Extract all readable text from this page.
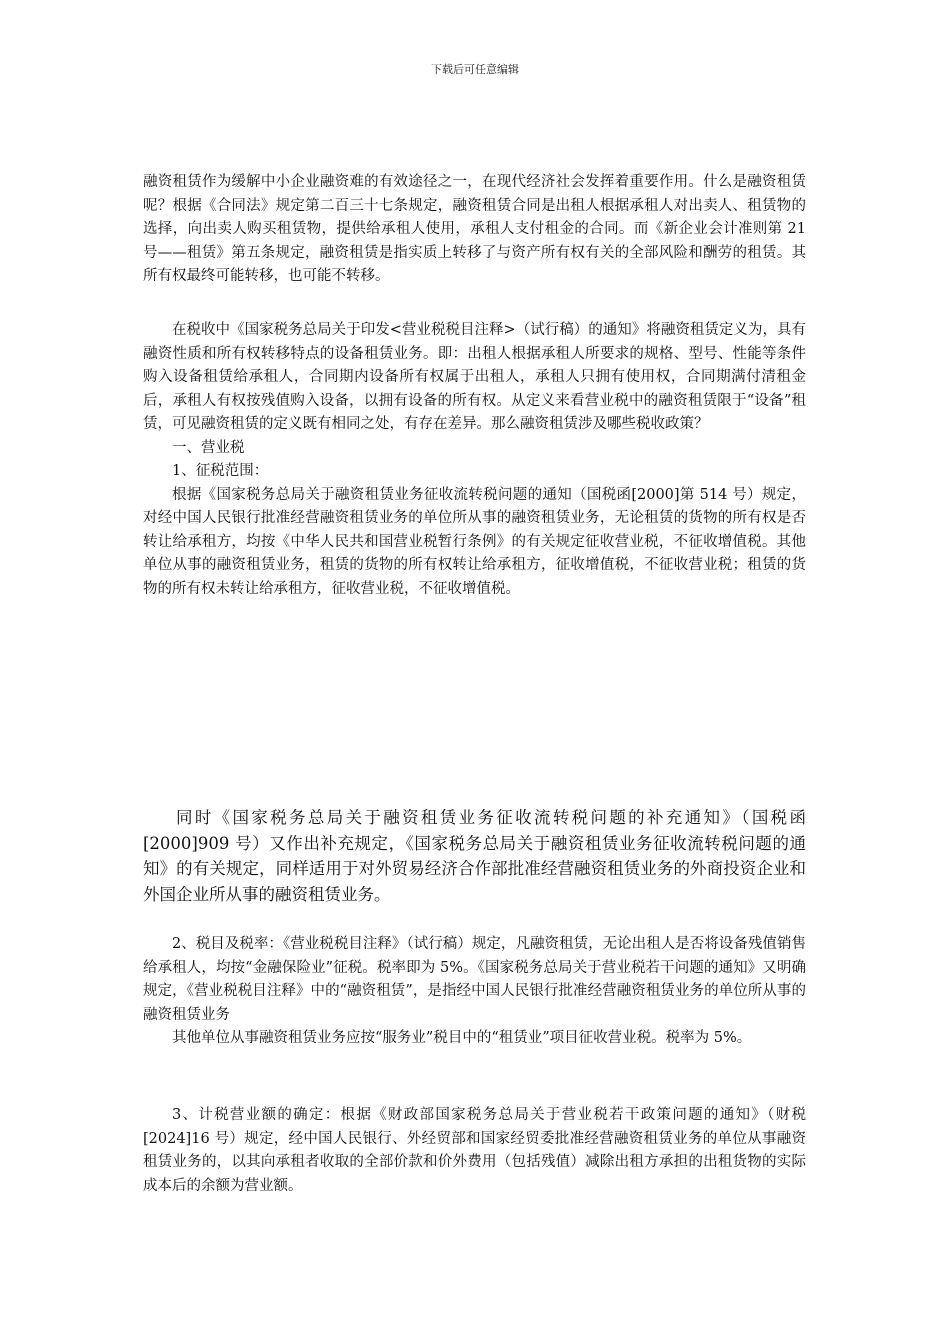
下载后可任意编辑

融资租赁作为缓解中小企业融资难的有效途径之一，在现代经济社会发挥着重要作用。什么是融资租赁呢？根据《合同法》规定第二百三十七条规定，融资租赁合同是出租人根据承租人对出卖人、租赁物的选择，向出卖人购买租赁物，提供给承租人使用，承租人支付租金的合同。而《新企业会计准则第 21 号——租赁》第五条规定，融资租赁是指实质上转移了与资产所有权有关的全部风险和酬劳的租赁。其所有权最终可能转移，也可能不转移。

在税收中《国家税务总局关于印发<营业税税目注释>（试行稿）的通知》将融资租赁定义为，具有融资性质和所有权转移特点的设备租赁业务。即：出租人根据承租人所要求的规格、型号、性能等条件购入设备租赁给承租人，合同期内设备所有权属于出租人，承租人只拥有使用权，合同期满付清租金后，承租人有权按残值购入设备，以拥有设备的所有权。从定义来看营业税中的融资租赁限于“设备”租赁，可见融资租赁的定义既有相同之处，有存在差异。那么融资租赁涉及哪些税收政策？

一、营业税

1、征税范围：

根据《国家税务总局关于融资租赁业务征收流转税问题的通知（国税函[2000]第 514 号）规定，对经中国人民银行批准经营融资租赁业务的单位所从事的融资租赁业务，无论租赁的货物的所有权是否转让给承租方，均按《中华人民共和国营业税暂行条例》的有关规定征收营业税，不征收增值税。其他单位从事的融资租赁业务，租赁的货物的所有权转让给承租方，征收增值税，不征收营业税；租赁的货物的所有权未转让给承租方，征收营业税，不征收增值税。

同时《国家税务总局关于融资租赁业务征收流转税问题的补充通知》（国税函[2000]909 号）又作出补充规定，《国家税务总局关于融资租赁业务征收流转税问题的通知》的有关规定，同样适用于对外贸易经济合作部批准经营融资租赁业务的外商投资企业和外国企业所从事的融资租赁业务。

2、税目及税率：《营业税税目注释》（试行稿）规定，凡融资租赁，无论出租人是否将设备残值销售给承租人，均按“金融保险业”征税。税率即为 5%。《国家税务总局关于营业税若干问题的通知》又明确规定，《营业税税目注释》中的“融资租赁”，是指经中国人民银行批准经营融资租赁业务的单位所从事的融资租赁业务

其他单位从事融资租赁业务应按“服务业”税目中的“租赁业”项目征收营业税。税率为 5%。

3、计税营业额的确定：根据《财政部国家税务总局关于营业税若干政策问题的通知》（财税[2024]16 号）规定，经中国人民银行、外经贸部和国家经贸委批准经营融资租赁业务的单位从事融资租赁业务的，以其向承租者收取的全部价款和价外费用（包括残值）减除出租方承担的出租货物的实际成本后的余额为营业额。
